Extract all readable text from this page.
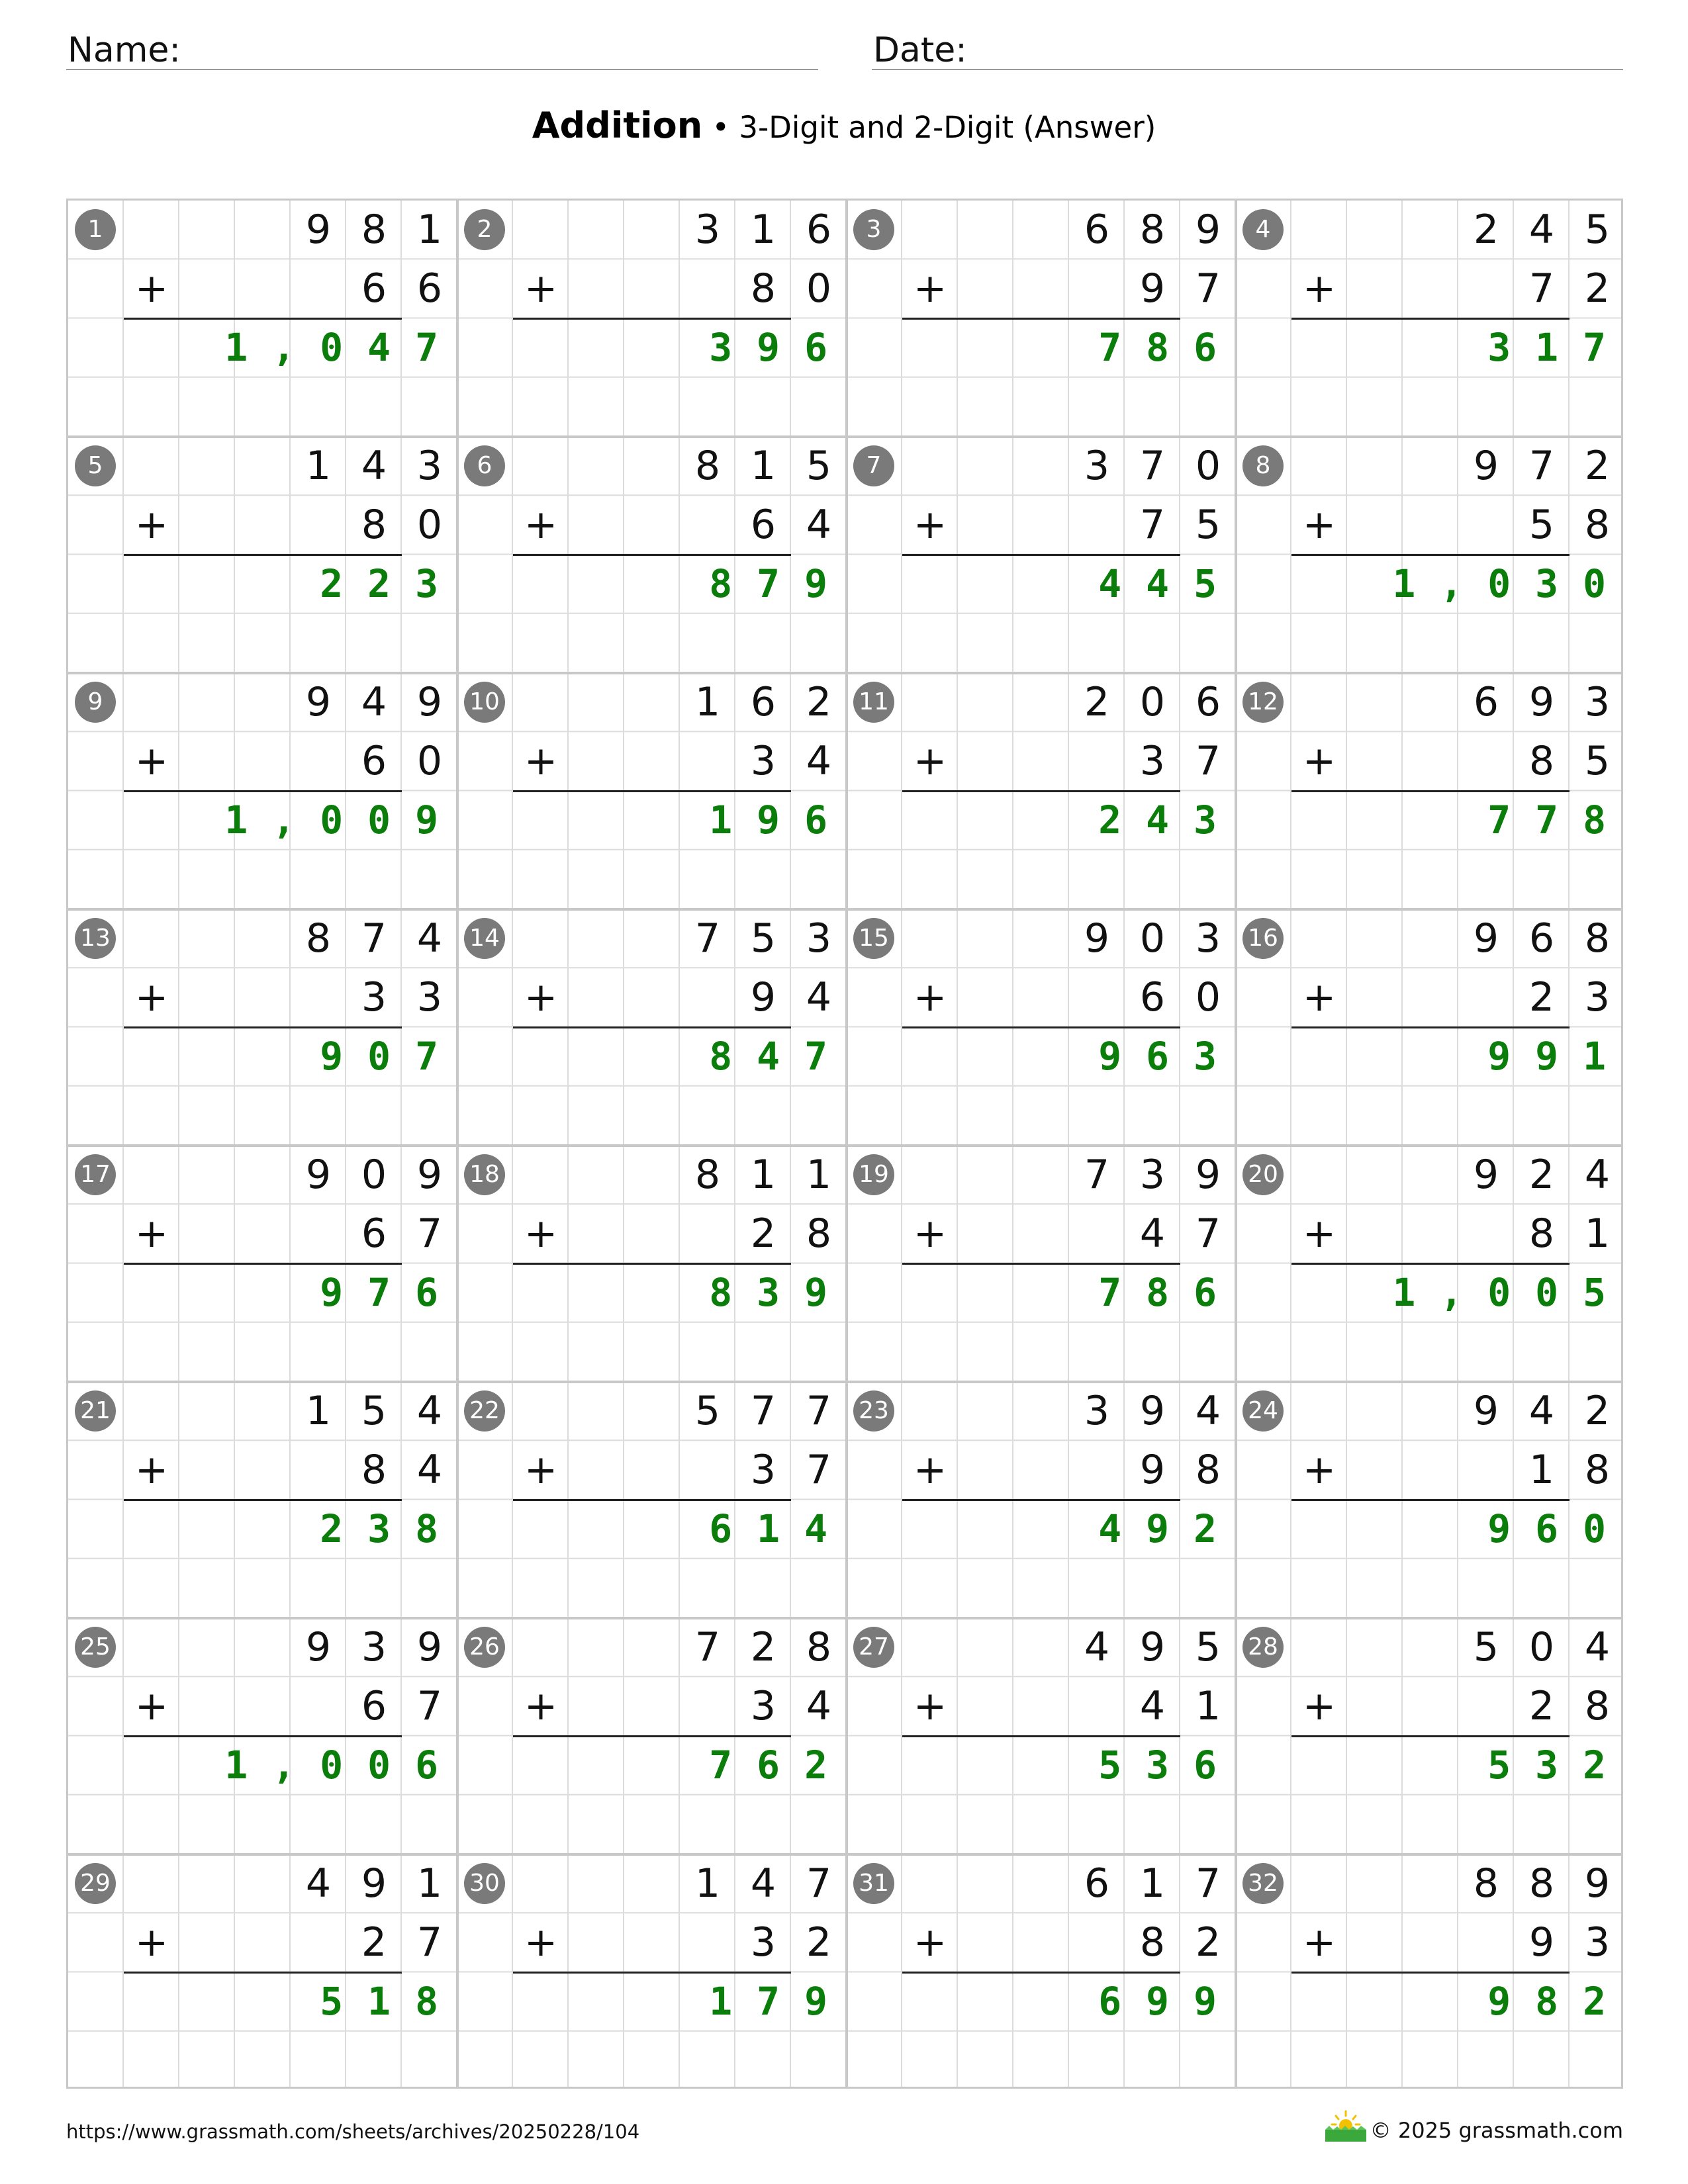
Name:	Date:
Addition • 3-Digit and 2-Digit (Answer)
1	9 8 1
+	6 6
1,047
2	3 1 6
+	8 0
396
3	6 8 9
+	9 7
786
4	2 4 5
+	7 2
317
5	1 4 3
+	8 0
223
6	8 1 5
+	6 4
879
7	3 7 0
+	7 5
445
8	9 7 2
+	5 8
1,030
9	9 4 9
+	6 0
1,009
10	1 6 2
+	3 4
196
11	2 0 6
+	3 7
243
12	6 9 3
+	8 5
778
13	8 7 4
+	3 3
907
14	7 5 3
+	9 4
847
15	9 0 3
+	6 0
963
16	9 6 8
+	2 3
991
17	9 0 9
+	6 7
976
18	8 1 1
+	2 8
839
19	7 3 9
+	4 7
786
20	9 2 4
+	8 1
1,005
21	1 5 4
+	8 4
238
22	5 7 7
+	3 7
614
23	3 9 4
+	9 8
492
24	9 4 2
+	1 8
960
25	9 3 9
+	6 7
1,006
26	7 2 8
+	3 4
762
27	4 9 5
+	4 1
536
28	5 0 4
+	2 8
532
29	4 9 1
+	2 7
518
30	1 4 7
+	3 2
179
31	6 1 7
+	8 2
699
32	8 8 9
+	9 3
982
https://www.grassmath.com/sheets/archives/20250228/104	© 2025 grassmath.com
